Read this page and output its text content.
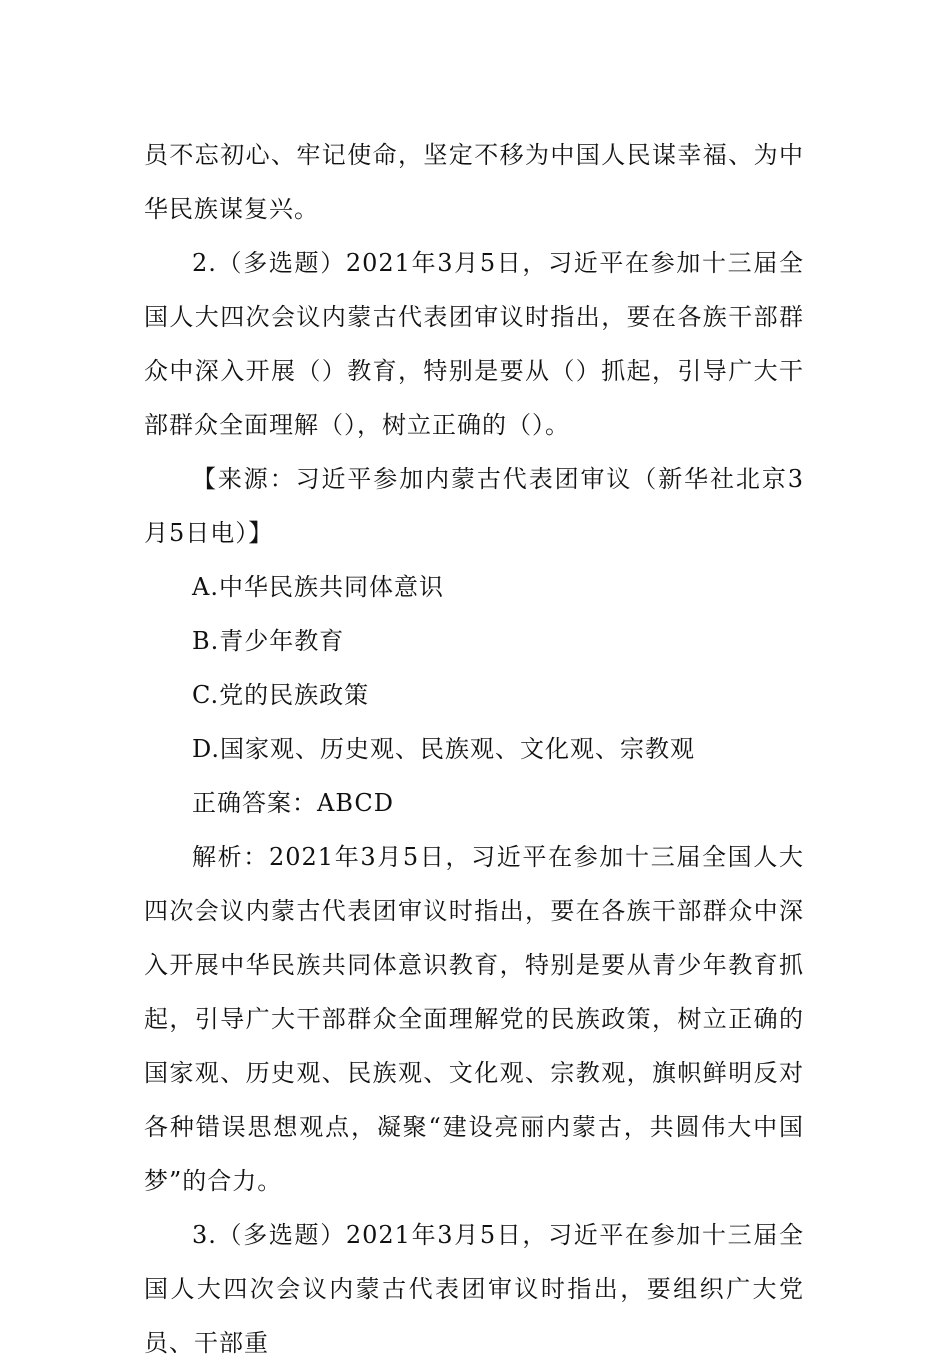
员不忘初心、牢记使命，坚定不移为中国人民谋幸福、为中华民族谋复兴。

2.（多选题）2021年3月5日，习近平在参加十三届全国人大四次会议内蒙古代表团审议时指出，要在各族干部群众中深入开展（）教育，特别是要从（）抓起，引导广大干部群众全面理解（），树立正确的（）。

【来源：习近平参加内蒙古代表团审议（新华社北京3月5日电）】

A.中华民族共同体意识

B.青少年教育

C.党的民族政策

D.国家观、历史观、民族观、文化观、宗教观

正确答案：ABCD

解析：2021年3月5日，习近平在参加十三届全国人大四次会议内蒙古代表团审议时指出，要在各族干部群众中深入开展中华民族共同体意识教育，特别是要从青少年教育抓起，引导广大干部群众全面理解党的民族政策，树立正确的国家观、历史观、民族观、文化观、宗教观，旗帜鲜明反对各种错误思想观点，凝聚“建设亮丽内蒙古，共圆伟大中国梦”的合力。

3.（多选题）2021年3月5日，习近平在参加十三届全国人大四次会议内蒙古代表团审议时指出，要组织广大党员、干部重
